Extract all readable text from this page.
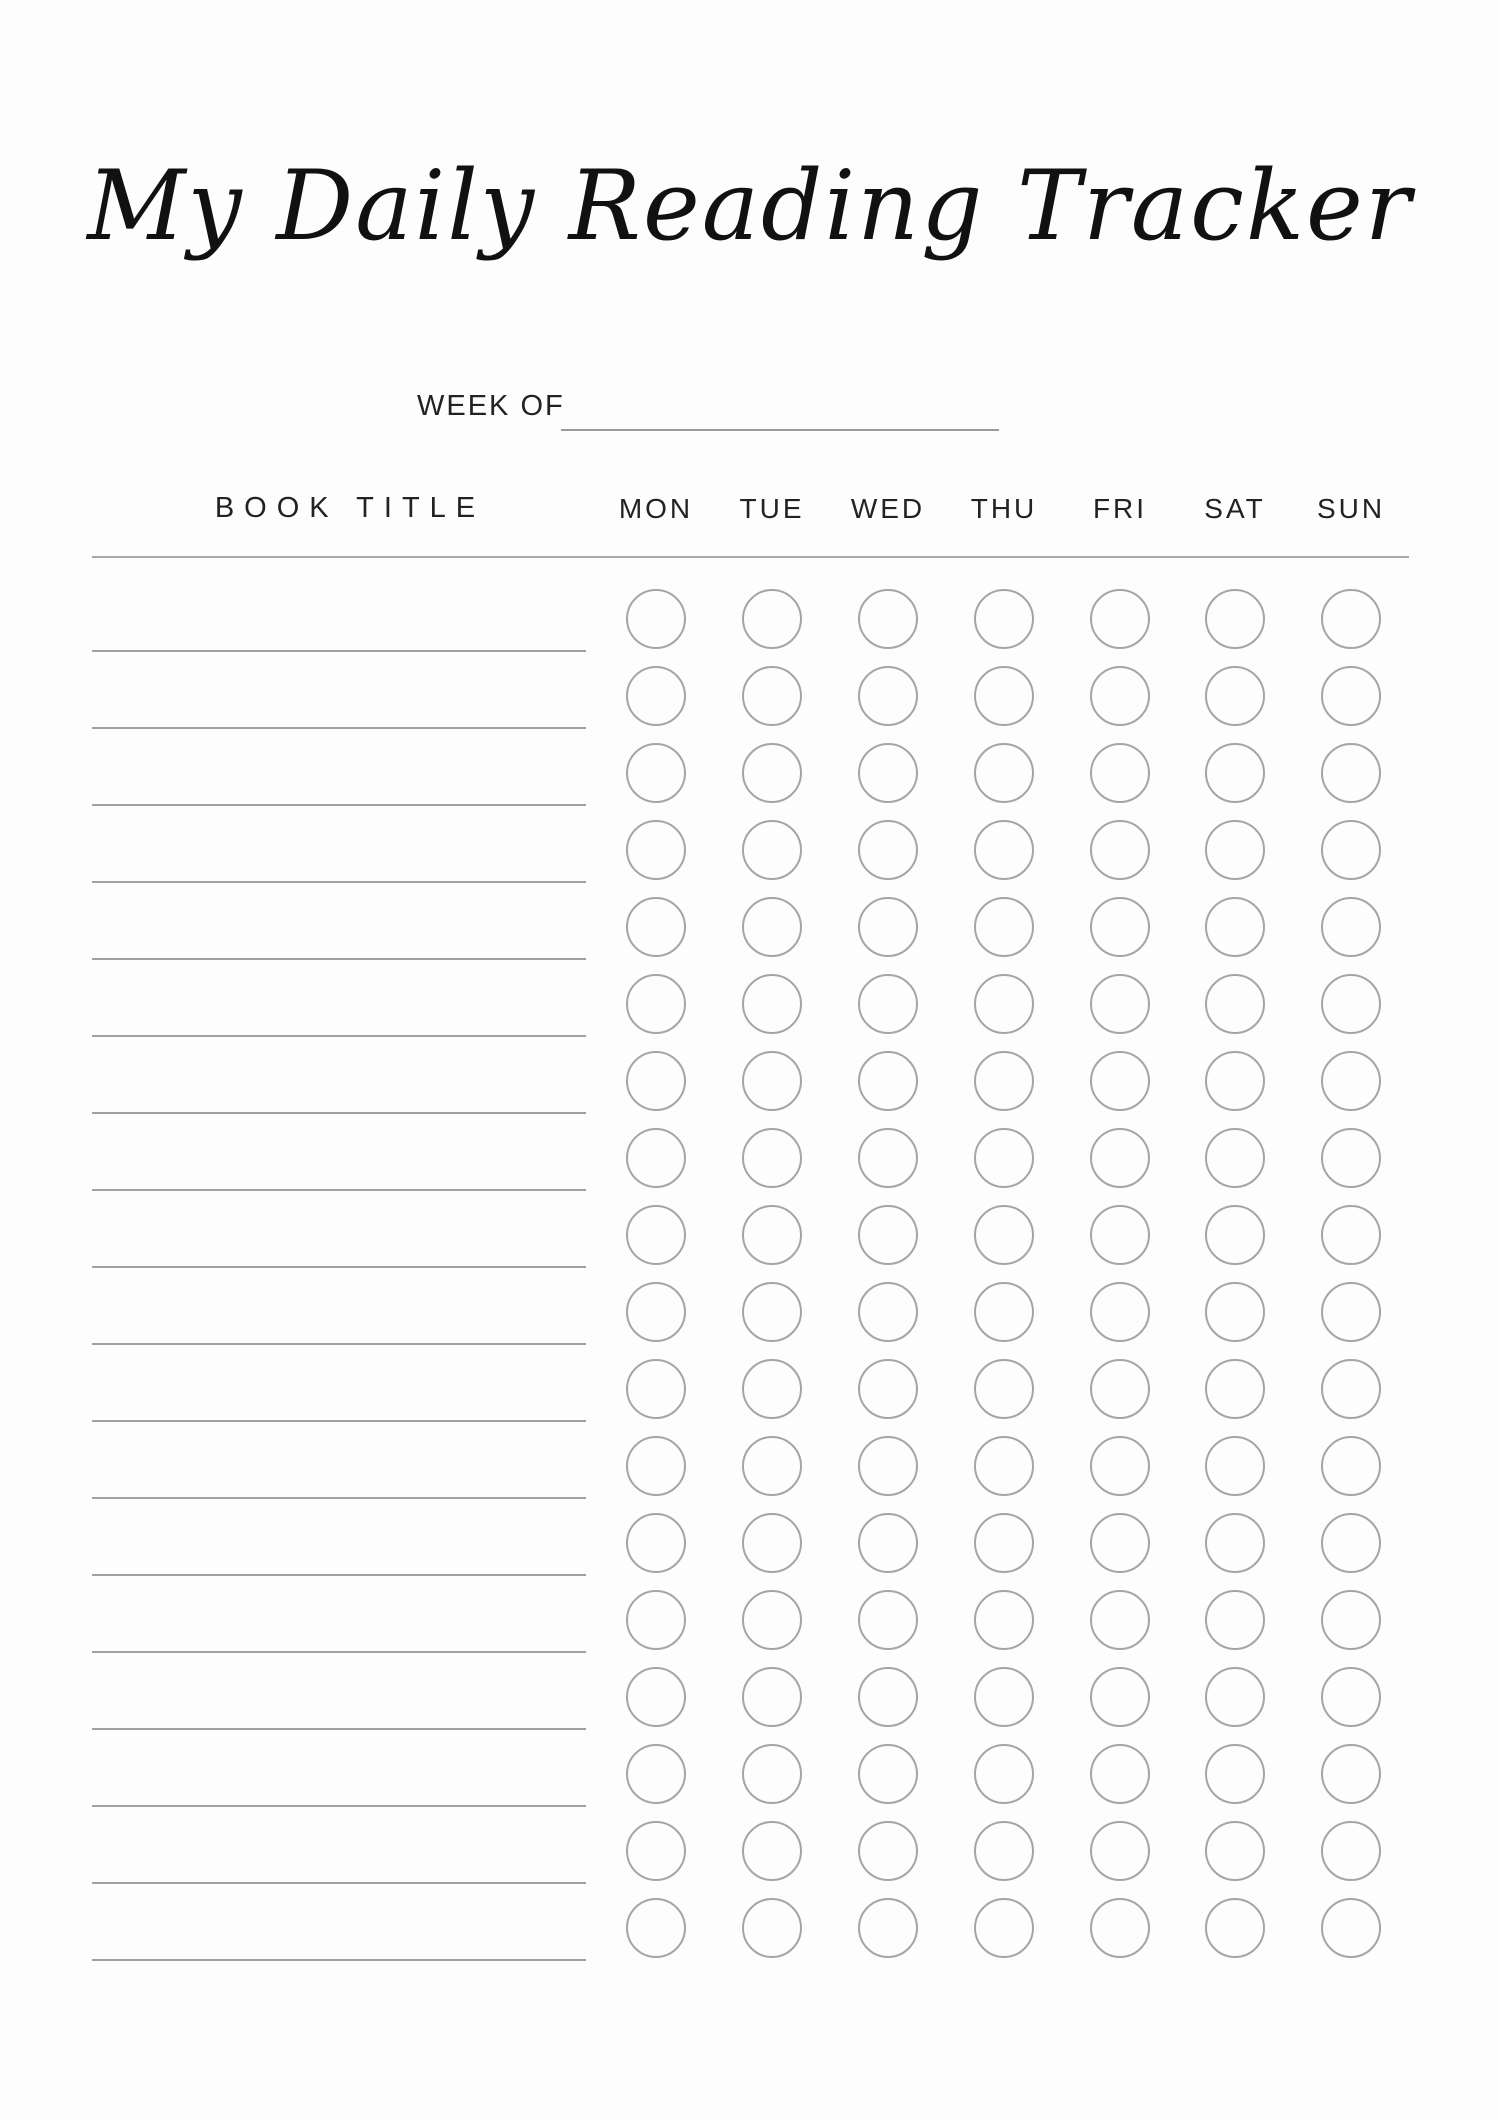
My Daily Reading Tracker
WEEK OF
BOOK TITLE	MON	TUE	WED	THU	FRI	SAT	SUN
